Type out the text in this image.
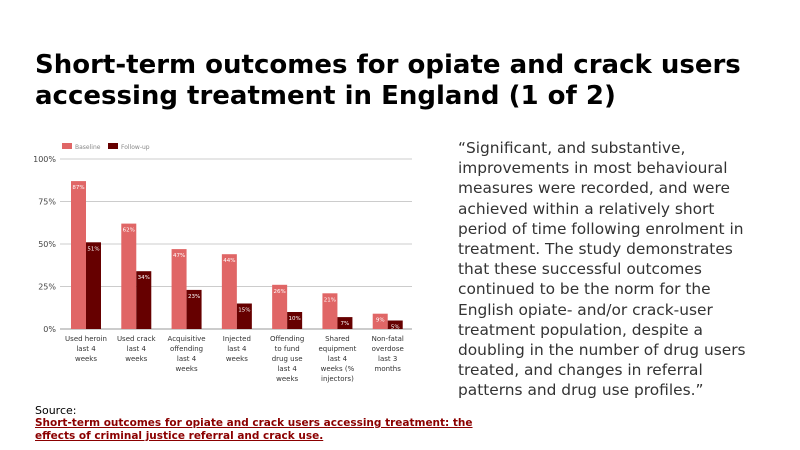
Short-term outcomes for opiate and crack users accessing treatment in England (1 of 2)
0%
25%
50%
75%
100%
Baseline	Follow-up
87%
51%
Used heroin
last 4
weeks
62%
34%
Used crack
last 4
weeks
47%
23%
Acquisitive
offending
last 4
weeks
44%
15%
Injected
last 4
weeks
26%
10%
Offending
to fund
drug use
last 4
weeks
21%
7%
Shared
equipment
last 4
weeks (%
injectors)
9%
5%
Non-fatal
overdose
last 3
months

“Significant, and substantive, improvements in most behavioural measures were recorded, and were achieved within a relatively short period of time following enrolment in treatment. The study demonstrates that these successful outcomes continued to be the norm for the English opiate- and/or crack-user treatment population, despite a doubling in the number of drug users treated, and changes in referral patterns and drug use profiles.”

Source:
Short-term outcomes for opiate and crack users accessing treatment: the effects of criminal justice referral and crack use.
